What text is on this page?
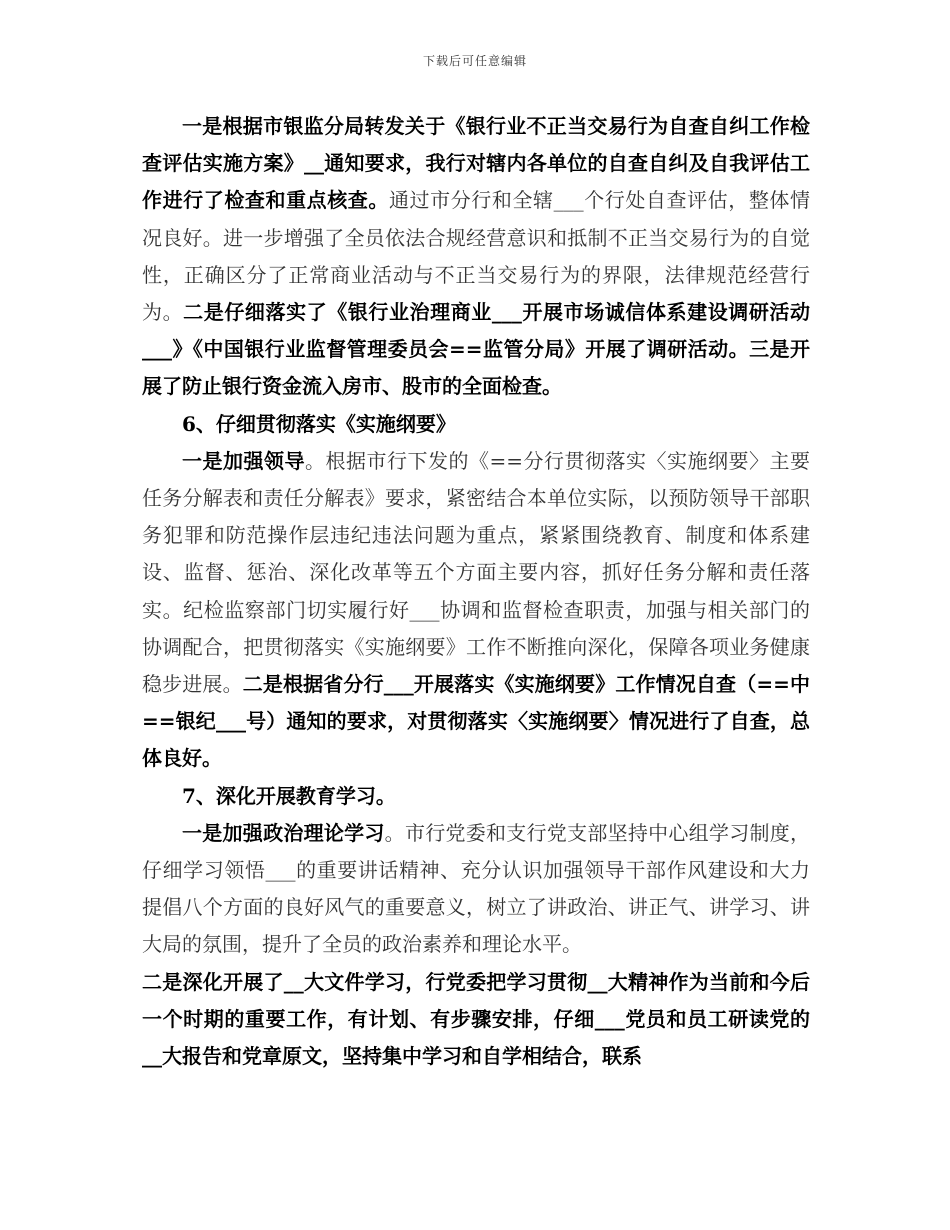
下载后可任意编辑

一是根据市银监分局转发关于《银行业不正当交易行为自查自纠工作检查评估实施方案》__通知要求，我行对辖内各单位的自查自纠及自我评估工作进行了检查和重点核查。通过市分行和全辖___个行处自查评估，整体情况良好。进一步增强了全员依法合规经营意识和抵制不正当交易行为的自觉性，正确区分了正常商业活动与不正当交易行为的界限，法律规范经营行为。二是仔细落实了《银行业治理商业___开展市场诚信体系建设调研活动___》《中国银行业监督管理委员会==监管分局》开展了调研活动。三是开展了防止银行资金流入房市、股市的全面检查。

6、仔细贯彻落实《实施纲要》

一是加强领导。根据市行下发的《==分行贯彻落实〈实施纲要〉主要任务分解表和责任分解表》要求，紧密结合本单位实际，以预防领导干部职务犯罪和防范操作层违纪违法问题为重点，紧紧围绕教育、制度和体系建设、监督、惩治、深化改革等五个方面主要内容，抓好任务分解和责任落实。纪检监察部门切实履行好___协调和监督检查职责，加强与相关部门的协调配合，把贯彻落实《实施纲要》工作不断推向深化，保障各项业务健康稳步进展。二是根据省分行___开展落实《实施纲要》工作情况自查（==中==银纪___号）通知的要求，对贯彻落实〈实施纲要〉情况进行了自查，总体良好。

7、深化开展教育学习。

一是加强政治理论学习。市行党委和支行党支部坚持中心组学习制度，仔细学习领悟___的重要讲话精神、充分认识加强领导干部作风建设和大力提倡八个方面的良好风气的重要意义，树立了讲政治、讲正气、讲学习、讲大局的氛围，提升了全员的政治素养和理论水平。

二是深化开展了__大文件学习，行党委把学习贯彻__大精神作为当前和今后一个时期的重要工作，有计划、有步骤安排，仔细___党员和员工研读党的__大报告和党章原文，坚持集中学习和自学相结合，联系
